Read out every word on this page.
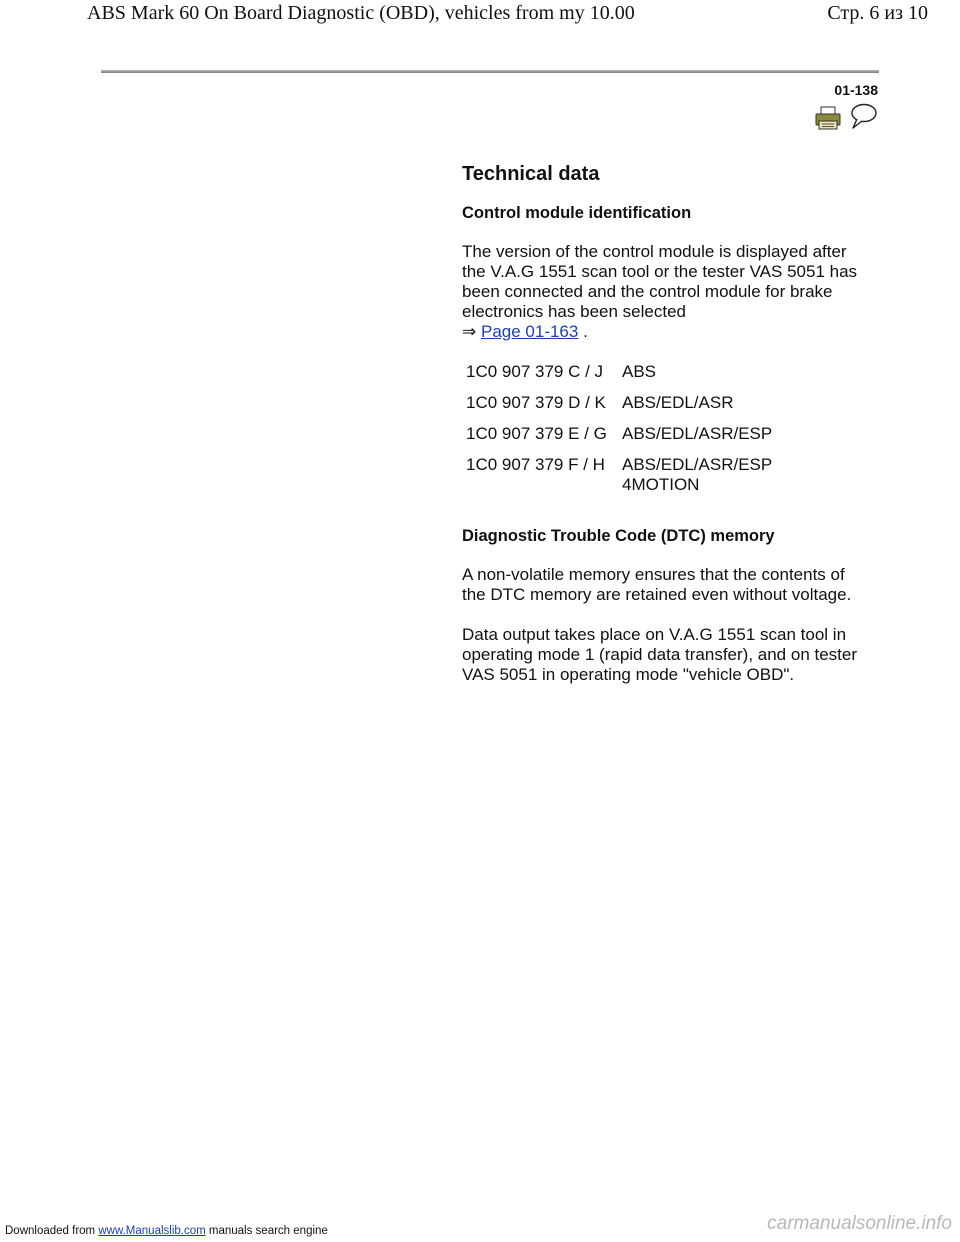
ABS Mark 60 On Board Diagnostic (OBD), vehicles from my 10.00	Стр. 6 из 10
01-138
Technical data
Control module identification
The version of the control module is displayed after the V.A.G 1551 scan tool or the tester VAS 5051 has been connected and the control module for brake electronics has been selected
⇒ Page 01-163 .
1C0 907 379 C / J	ABS
1C0 907 379 D / K	ABS/EDL/ASR
1C0 907 379 E / G	ABS/EDL/ASR/ESP
1C0 907 379 F / H	ABS/EDL/ASR/ESP 4MOTION
Diagnostic Trouble Code (DTC) memory
A non-volatile memory ensures that the contents of the DTC memory are retained even without voltage.
Data output takes place on V.A.G 1551 scan tool in operating mode 1 (rapid data transfer), and on tester VAS 5051 in operating mode "vehicle OBD".
Downloaded from www.Manualslib.com manuals search engine	carmanualsonline.info
